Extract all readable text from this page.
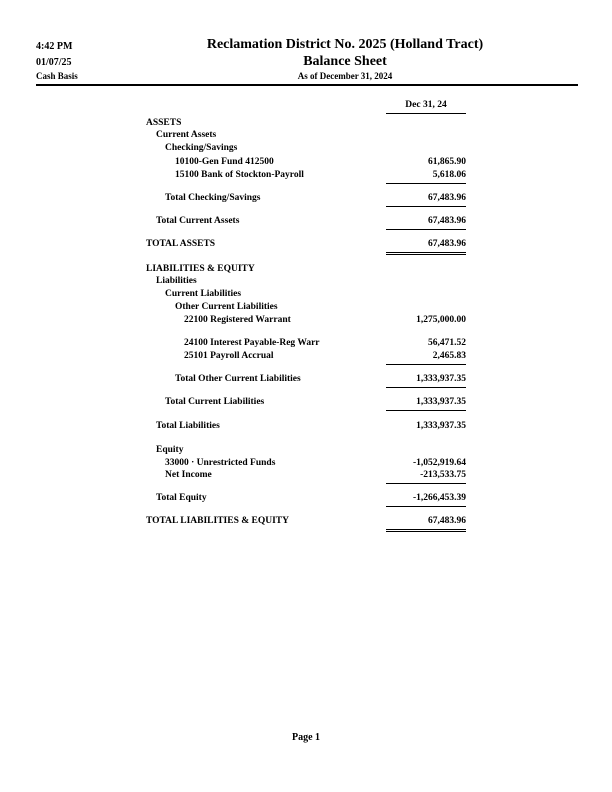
4:42 PM
01/07/25
Cash Basis
Reclamation District No. 2025 (Holland Tract)
Balance Sheet
As of December 31, 2024
Dec 31, 24
ASSETS
Current Assets
Checking/Savings
10100-Gen Fund 412500	61,865.90
15100 Bank of Stockton-Payroll	5,618.06
Total Checking/Savings	67,483.96
Total Current Assets	67,483.96
TOTAL ASSETS	67,483.96
LIABILITIES & EQUITY
Liabilities
Current Liabilities
Other Current Liabilities
22100 Registered Warrant	1,275,000.00
24100 Interest Payable-Reg Warr	56,471.52
25101 Payroll Accrual	2,465.83
Total Other Current Liabilities	1,333,937.35
Total Current Liabilities	1,333,937.35
Total Liabilities	1,333,937.35
Equity
33000 · Unrestricted Funds	-1,052,919.64
Net Income	-213,533.75
Total Equity	-1,266,453.39
TOTAL LIABILITIES & EQUITY	67,483.96
Page 1
